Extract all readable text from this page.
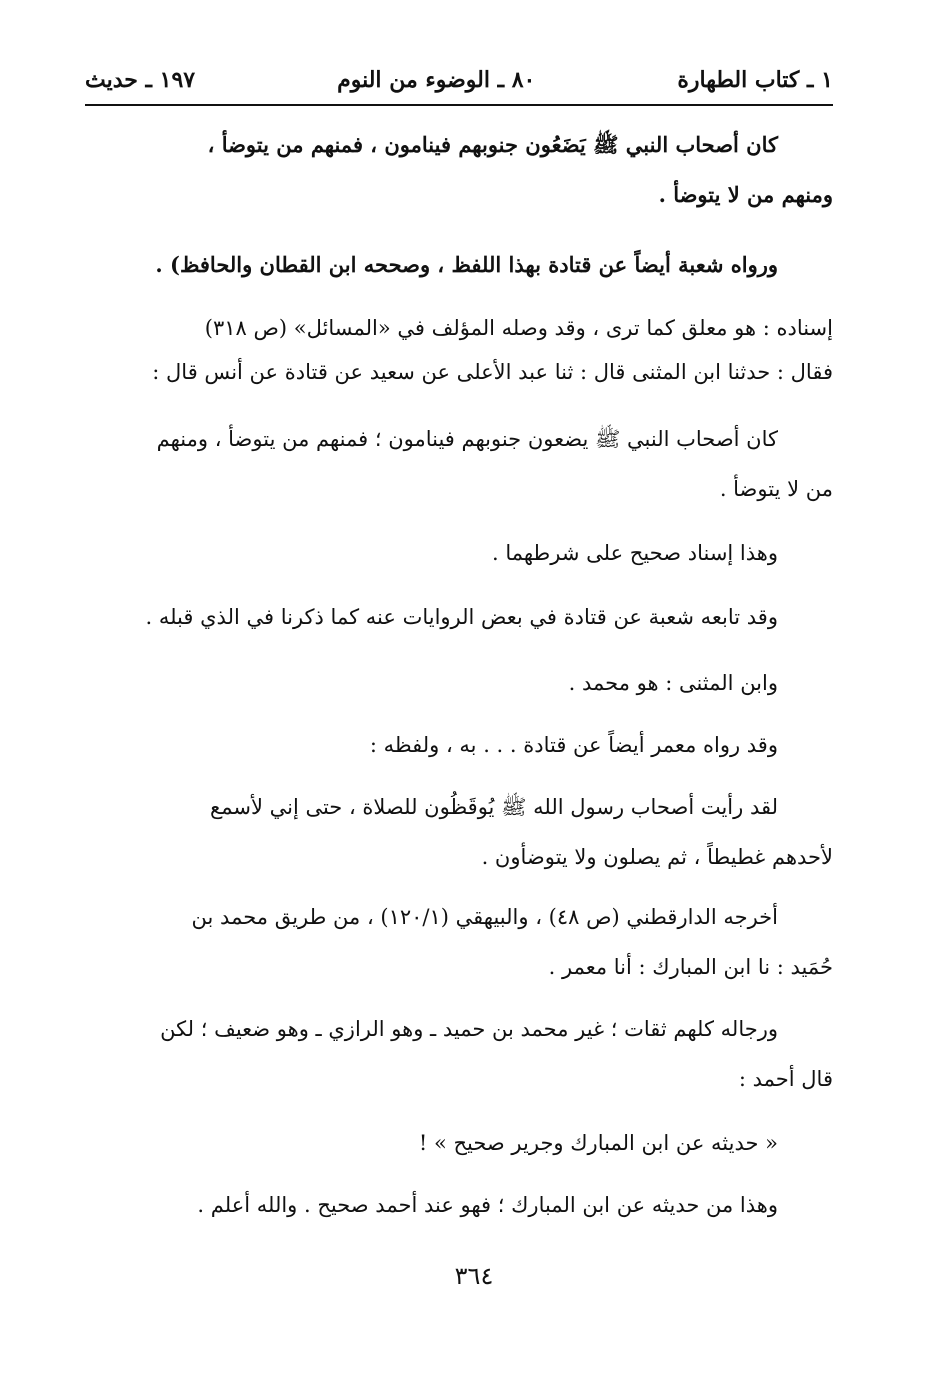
١ ـ كتاب الطهارة
٨٠ ـ الوضوء من النوم
١٩٧ ـ حديث
كان أصحاب النبي ﷺ يَضَعُون جنوبهم فينامون ، فمنهم من يتوضأ ،
ومنهم من لا يتوضأ .
ورواه شعبة أيضاً عن قتادة بهذا اللفظ ، وصححه ابن القطان والحافظ) .
إسناده : هو معلق كما ترى ، وقد وصله المؤلف في «المسائل» (ص ٣١٨)
فقال : حدثنا ابن المثنى قال : ثنا عبد الأعلى عن سعيد عن قتادة عن أنس قال :
كان أصحاب النبي ﷺ يضعون جنوبهم فينامون ؛ فمنهم من يتوضأ ، ومنهم
من لا يتوضأ .
وهذا إسناد صحيح على شرطهما .
وقد تابعه شعبة عن قتادة في بعض الروايات عنه كما ذكرنا في الذي قبله .
وابن المثنى : هو محمد .
وقد رواه معمر أيضاً عن قتادة . . . به ، ولفظه :
لقد رأيت أصحاب رسول الله ﷺ يُوقَظُون للصلاة ، حتى إني لأسمع
لأحدهم غطيطاً ، ثم يصلون ولا يتوضأون .
أخرجه الدارقطني (ص ٤٨) ، والبيهقي (١٢٠/١) ، من طريق محمد بن
حُمَيد : نا ابن المبارك : أنا معمر .
ورجاله كلهم ثقات ؛ غير محمد بن حميد ـ وهو الرازي ـ وهو ضعيف ؛ لكن
قال أحمد :
« حديثه عن ابن المبارك وجرير صحيح » !
وهذا من حديثه عن ابن المبارك ؛ فهو عند أحمد صحيح . والله أعلم .
٣٦٤
